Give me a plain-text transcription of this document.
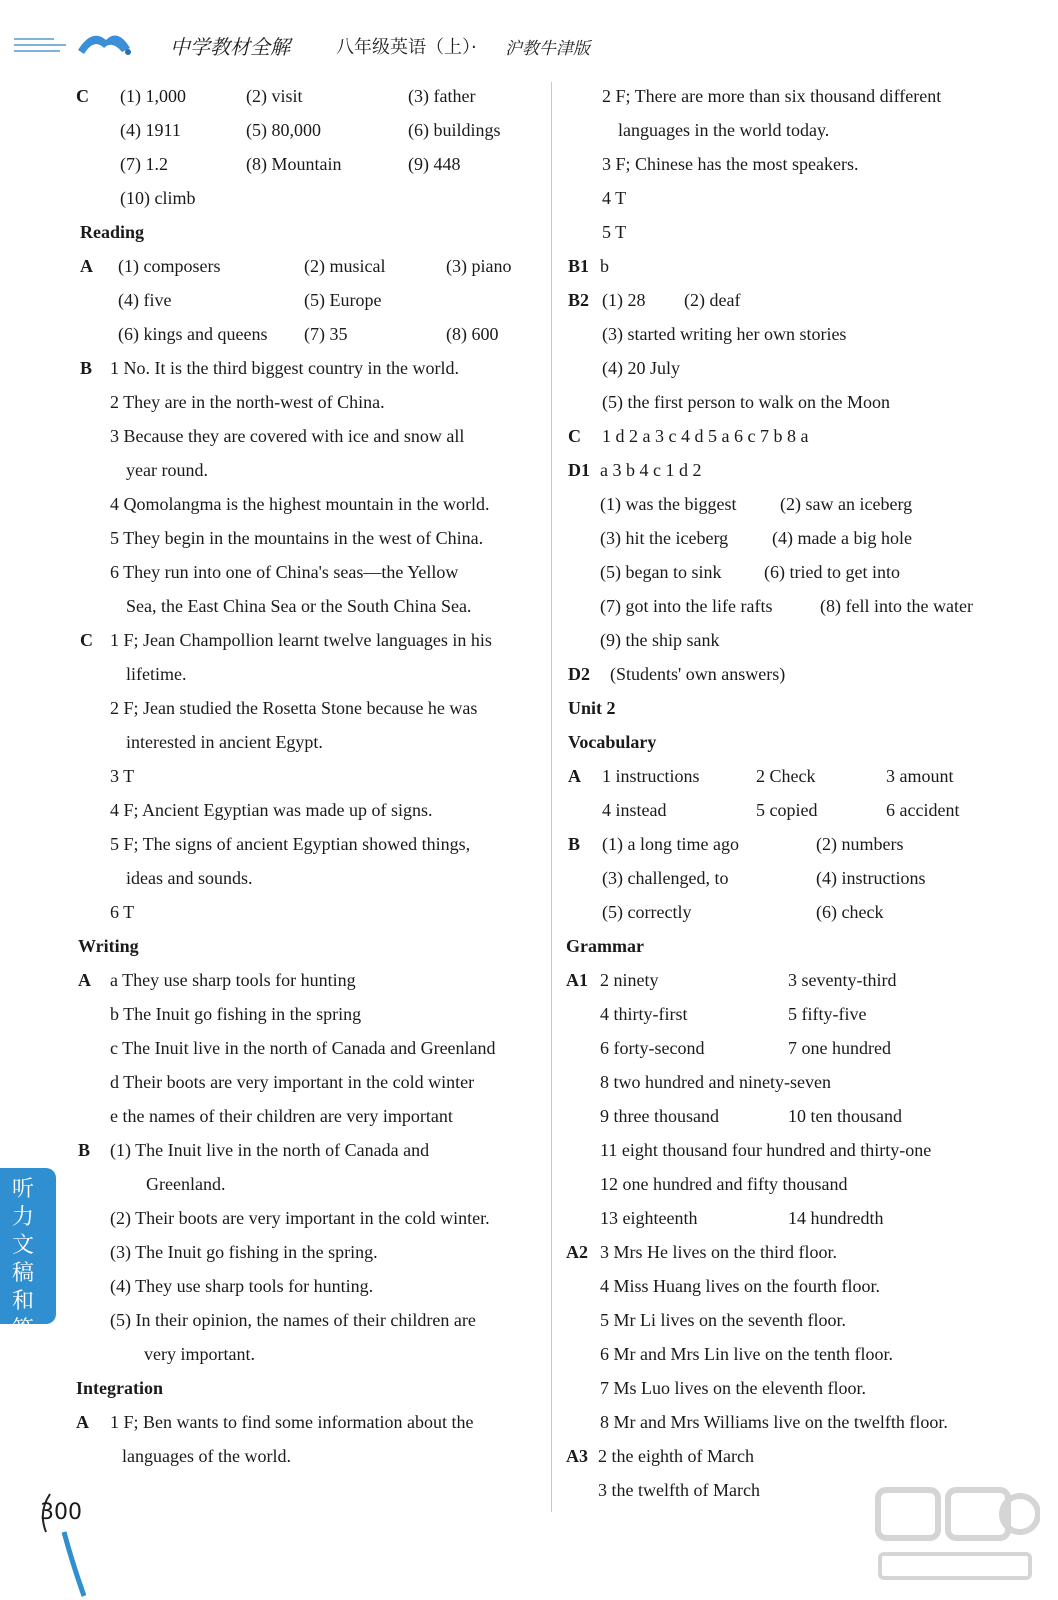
中学教材全解	八年级英语（上）· 沪教牛津版
C (1) 1,000	(2) visit	(3) father
(4) 1911	(5) 80,000	(6) buildings
(7) 1.2	(8) Mountain	(9) 448
(10) climb
Reading
A (1) composers	(2) musical	(3) piano
(4) five	(5) Europe
(6) kings and queens (7) 35	(8) 600
B 1 No. It is the third biggest country in the world.
2 They are in the north-west of China.
3 Because they are covered with ice and snow all
year round.
4 Qomolangma is the highest mountain in the world.
5 They begin in the mountains in the west of China.
6 They run into one of China's seas—the Yellow
Sea, the East China Sea or the South China Sea.
C 1 F; Jean Champollion learnt twelve languages in his
lifetime.
2 F; Jean studied the Rosetta Stone because he was
interested in ancient Egypt.
3 T
4 F; Ancient Egyptian was made up of signs.
5 F; The signs of ancient Egyptian showed things,
ideas and sounds.
6 T
Writing
A a They use sharp tools for hunting
b The Inuit go fishing in the spring
c The Inuit live in the north of Canada and Greenland
d Their boots are very important in the cold winter
e the names of their children are very important
B (1) The Inuit live in the north of Canada and
Greenland.
(2) Their boots are very important in the cold winter.
(3) The Inuit go fishing in the spring.
(4) They use sharp tools for hunting.
(5) In their opinion, the names of their children are
very important.
Integration
A 1 F; Ben wants to find some information about the
languages of the world.
2 F; There are more than six thousand different
languages in the world today.
3 F; Chinese has the most speakers.
4 T
5 T
B1 b
B2 (1) 28 (2) deaf
(3) started writing her own stories
(4) 20 July
(5) the first person to walk on the Moon
C 1 d 2 a 3 c 4 d 5 a 6 c 7 b 8 a
D1 a 3 b 4 c 1 d 2
(1) was the biggest (2) saw an iceberg
(3) hit the iceberg (4) made a big hole
(5) began to sink (6) tried to get into
(7) got into the life rafts	(8) fell into the water
(9) the ship sank
D2 (Students' own answers)
Unit 2
Vocabulary
A 1 instructions	2 Check	3 amount
4 instead	5 copied	6 accident
B (1) a long time ago	(2) numbers
(3) challenged, to	(4) instructions
(5) correctly	(6) check
Grammar
A1 2 ninety	3 seventy-third
4 thirty-first	5 fifty-five
6 forty-second	7 one hundred
8 two hundred and ninety-seven
9 three thousand	10 ten thousand
11 eight thousand four hundred and thirty-one
12 one hundred and fifty thousand
13 eighteenth	14 hundredth
A2 3 Mrs He lives on the third floor.
4 Miss Huang lives on the fourth floor.
5 Mr Li lives on the seventh floor.
6 Mr and Mrs Lin live on the tenth floor.
7 Ms Luo lives on the eleventh floor.
8 Mr and Mrs Williams live on the twelfth floor.
A3 2 the eighth of March
3 the twelfth of March
听力文稿和答案
300
